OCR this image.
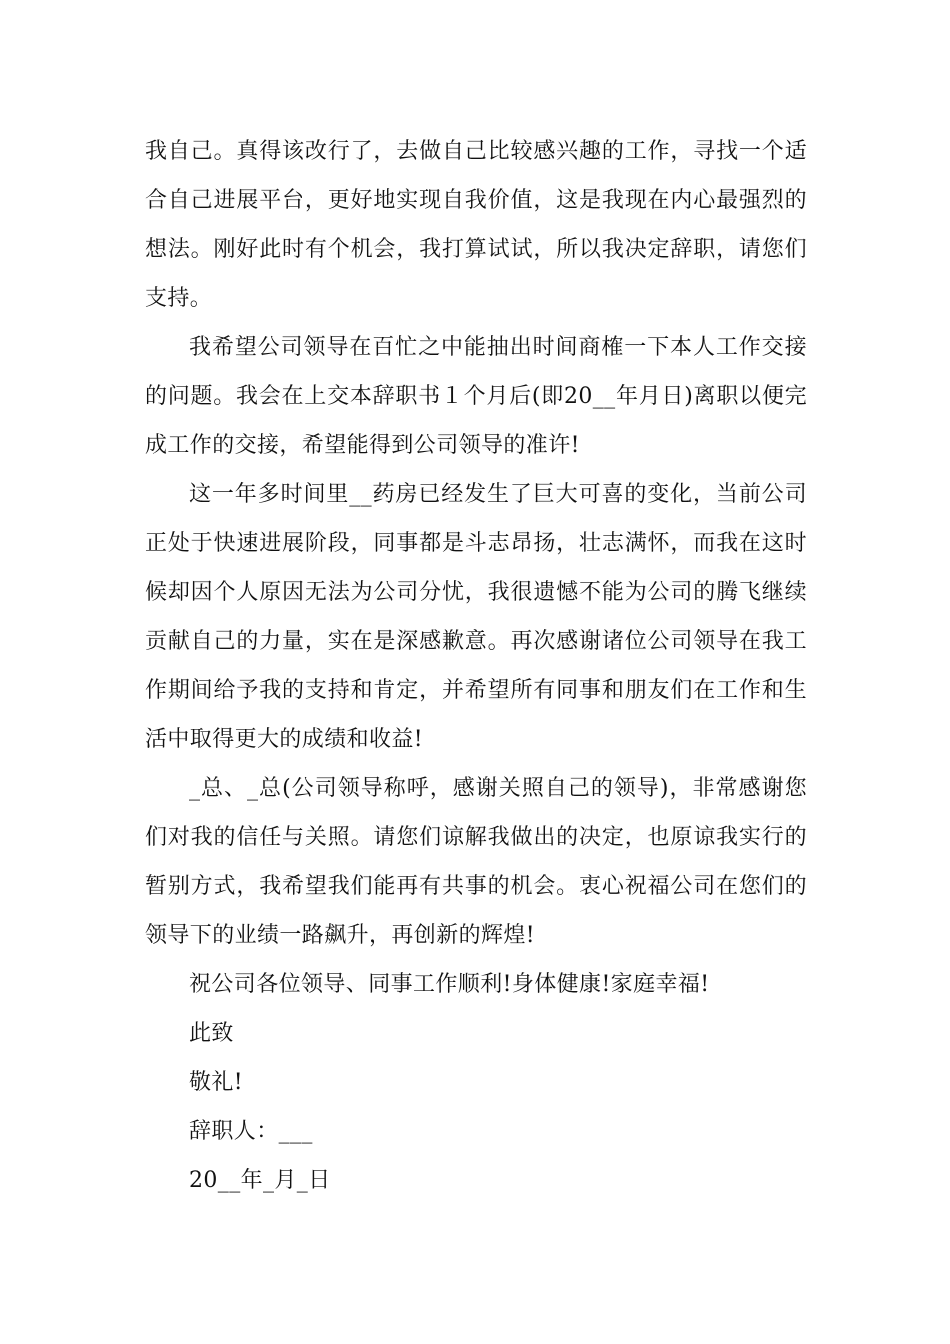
我自己。真得该改行了，去做自己比较感兴趣的工作，寻找一个适合自己进展平台，更好地实现自我价值，这是我现在内心最强烈的想法。刚好此时有个机会，我打算试试，所以我决定辞职，请您们支持。

我希望公司领导在百忙之中能抽出时间商榷一下本人工作交接的问题。我会在上交本辞职书１个月后(即20__年月日)离职以便完成工作的交接，希望能得到公司领导的准许!

这一年多时间里__药房已经发生了巨大可喜的变化，当前公司正处于快速进展阶段，同事都是斗志昂扬，壮志满怀，而我在这时候却因个人原因无法为公司分忧，我很遗憾不能为公司的腾飞继续贡献自己的力量，实在是深感歉意。再次感谢诸位公司领导在我工作期间给予我的支持和肯定，并希望所有同事和朋友们在工作和生活中取得更大的成绩和收益!

_总、_总(公司领导称呼，感谢关照自己的领导)，非常感谢您们对我的信任与关照。请您们谅解我做出的决定，也原谅我实行的暂别方式，我希望我们能再有共事的机会。衷心祝福公司在您们的领导下的业绩一路飙升，再创新的辉煌!

祝公司各位领导、同事工作顺利!身体健康!家庭幸福!

此致

敬礼!

辞职人：___

20__年_月_日
